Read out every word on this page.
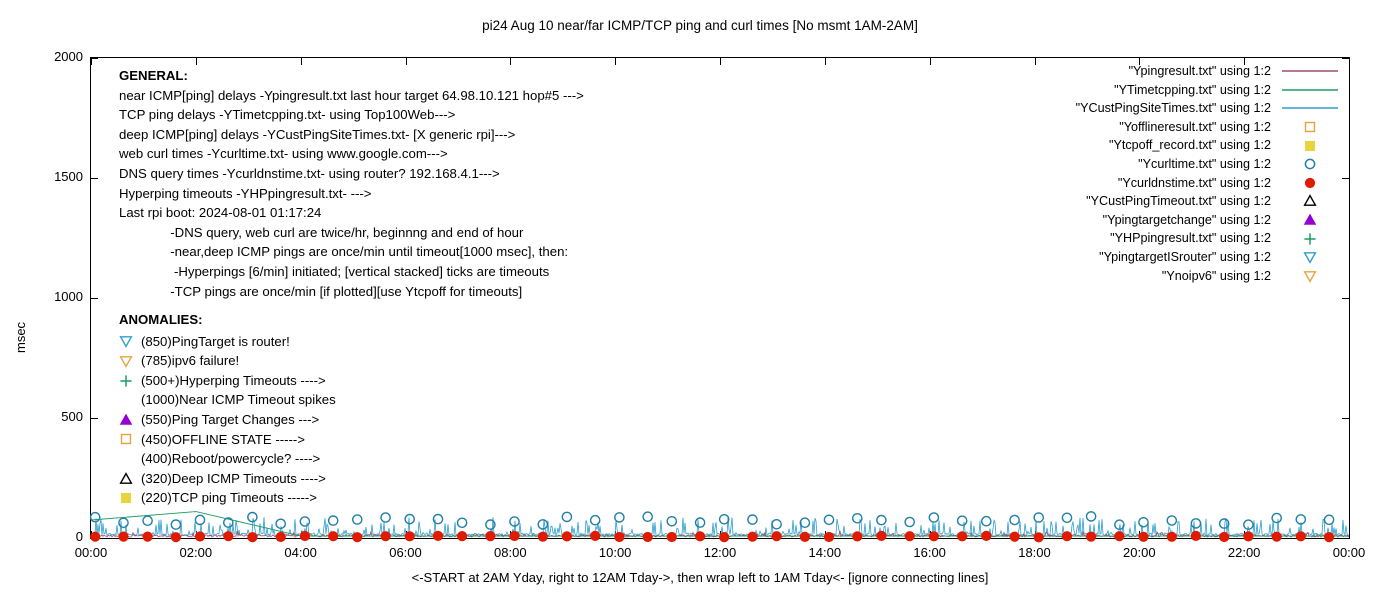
pi24 Aug 10 near/far ICMP/TCP ping and curl times [No msmt 1AM-2AM]
msec
0
500
1000
1500
2000
00:00	02:00	04:00	06:00	08:00	10:00	12:00	14:00	16:00	18:00	20:00	22:00	00:00
GENERAL:
near ICMP[ping] delays -Ypingresult.txt last hour target 64.98.10.121 hop#5 --->
TCP ping delays -YTimetcpping.txt- using Top100Web--->
deep ICMP[ping] delays -YCustPingSiteTimes.txt- [X generic rpi]--->
web curl times -Ycurltime.txt- using www.google.com--->
DNS query times -Ycurldnstime.txt- using router? 192.168.4.1--->
Hyperping timeouts -YHPpingresult.txt- --->
Last rpi boot: 2024-08-01 01:17:24
-DNS query, web curl are twice/hr, beginnng and end of hour
-near,deep ICMP pings are once/min until timeout[1000 msec], then:
-Hyperpings [6/min] initiated; [vertical stacked] ticks are timeouts
-TCP pings are once/min [if plotted][use Ytcpoff for timeouts]
ANOMALIES:
(850)PingTarget is router!
(785)ipv6 failure!
(500+)Hyperping Timeouts ---->
(1000)Near ICMP Timeout spikes
(550)Ping Target Changes --->
(450)OFFLINE STATE ----->
(400)Reboot/powercycle? ---->
(320)Deep ICMP Timeouts ---->
(220)TCP ping Timeouts ----->
"Ypingresult.txt" using 1:2
"YTimetcpping.txt" using 1:2
"YCustPingSiteTimes.txt" using 1:2
"Yofflineresult.txt" using 1:2
"Ytcpoff_record.txt" using 1:2
"Ycurltime.txt" using 1:2
"Ycurldnstime.txt" using 1:2
"YCustPingTimeout.txt" using 1:2
"Ypingtargetchange" using 1:2
"YHPpingresult.txt" using 1:2
"YpingtargetISrouter" using 1:2
"Ynoipv6" using 1:2
<-START at 2AM Yday, right to 12AM Tday->, then wrap left to 1AM Tday<- [ignore connecting lines]
